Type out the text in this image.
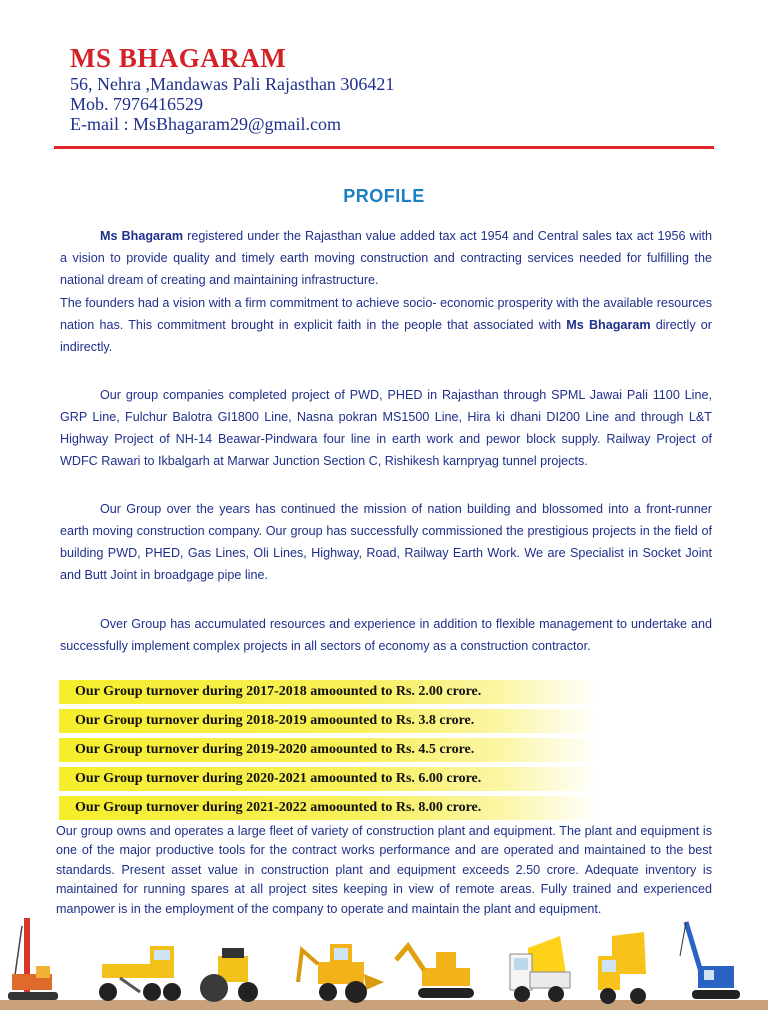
MS BHAGARAM
56, Nehra ,Mandawas Pali Rajasthan 306421
Mob. 7976416529
E-mail : MsBhagaram29@gmail.com
PROFILE

Ms Bhagaram registered under the Rajasthan value added tax act 1954 and Central sales tax act 1956 with a vision to provide quality and timely earth moving construction and contracting services needed for fulfilling the national dream of creating and maintaining infrastructure.

The founders had a vision with a firm commitment to achieve socio- economic prosperity with the available resources nation has. This commitment brought in explicit faith in the people that associated with Ms Bhagaram directly or indirectly.

Our group companies completed project of PWD, PHED in Rajasthan through SPML Jawai Pali 1100 Line, GRP Line, Fulchur Balotra GI1800 Line, Nasna pokran MS1500 Line, Hira ki dhani DI200 Line and through L&T Highway Project of NH-14 Beawar-Pindwara four line in earth work and pewor block supply. Railway Project of WDFC Rawari to Ikbalgarh at Marwar Junction Section C, Rishikesh karnpryag tunnel projects.

Our Group over the years has continued the mission of nation building and blossomed into a front-runner earth moving construction company. Our group has successfully commissioned the prestigious projects in the field of building PWD, PHED, Gas Lines, Oli Lines, Highway, Road, Railway Earth Work. We are Specialist in Socket Joint and Butt Joint in broadgage pipe line.

Over Group has accumulated resources and experience in addition to flexible management to undertake and successfully implement complex projects in all sectors of economy as a construction contractor.

Our Group turnover during 2017-2018 amoounted to Rs. 2.00 crore.
Our Group turnover during 2018-2019 amoounted to Rs. 3.8 crore.
Our Group turnover during 2019-2020 amoounted to Rs. 4.5 crore.
Our Group turnover during 2020-2021 amoounted to Rs. 6.00 crore.
Our Group turnover during 2021-2022 amoounted to Rs. 8.00 crore.

Our group owns and operates a large fleet of variety of construction plant and equipment. The plant and equipment is one of the major productive tools for the contract works performance and are operated and maintained to the best standards. Present asset value in construction plant and equipment exceeds 2.50 crore. Adequate inventory is maintained for running spares at all project sites keeping in view of remote areas. Fully trained and experienced manpower is in the employment of the company to operate and maintain the plant and equipment.
